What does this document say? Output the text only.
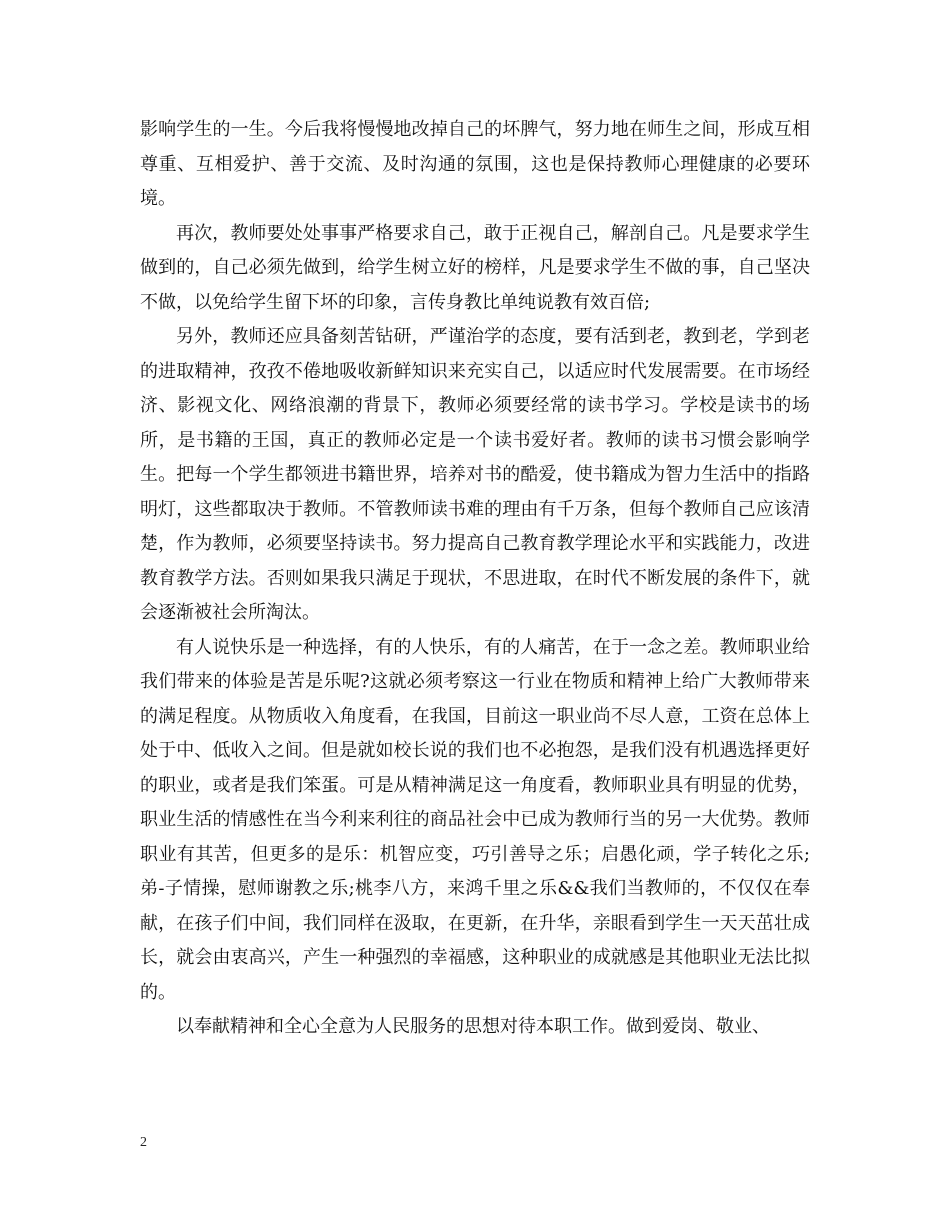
影响学生的一生。今后我将慢慢地改掉自己的坏脾气，努力地在师生之间，形成互相尊重、互相爱护、善于交流、及时沟通的氛围，这也是保持教师心理健康的必要环境。

再次，教师要处处事事严格要求自己，敢于正视自己，解剖自己。凡是要求学生做到的，自己必须先做到，给学生树立好的榜样，凡是要求学生不做的事，自己坚决不做，以免给学生留下坏的印象，言传身教比单纯说教有效百倍;

另外，教师还应具备刻苦钻研，严谨治学的态度，要有活到老，教到老，学到老的进取精神，孜孜不倦地吸收新鲜知识来充实自己，以适应时代发展需要。在市场经济、影视文化、网络浪潮的背景下，教师必须要经常的读书学习。学校是读书的场所，是书籍的王国，真正的教师必定是一个读书爱好者。教师的读书习惯会影响学生。把每一个学生都领进书籍世界，培养对书的酷爱，使书籍成为智力生活中的指路明灯，这些都取决于教师。不管教师读书难的理由有千万条，但每个教师自己应该清楚，作为教师，必须要坚持读书。努力提高自己教育教学理论水平和实践能力，改进教育教学方法。否则如果我只满足于现状，不思进取，在时代不断发展的条件下，就会逐渐被社会所淘汰。

有人说快乐是一种选择，有的人快乐，有的人痛苦，在于一念之差。教师职业给我们带来的体验是苦是乐呢?这就必须考察这一行业在物质和精神上给广大教师带来的满足程度。从物质收入角度看，在我国，目前这一职业尚不尽人意，工资在总体上处于中、低收入之间。但是就如校长说的我们也不必抱怨，是我们没有机遇选择更好的职业，或者是我们笨蛋。可是从精神满足这一角度看，教师职业具有明显的优势，职业生活的情感性在当今利来利往的商品社会中已成为教师行当的另一大优势。教师职业有其苦，但更多的是乐：机智应变，巧引善导之乐；启愚化顽，学子转化之乐;弟-子情操，慰师谢教之乐;桃李八方，来鸿千里之乐&&我们当教师的，不仅仅在奉献，在孩子们中间，我们同样在汲取，在更新，在升华，亲眼看到学生一天天茁壮成长，就会由衷高兴，产生一种强烈的幸福感，这种职业的成就感是其他职业无法比拟的。

以奉献精神和全心全意为人民服务的思想对待本职工作。做到爱岗、敬业、

2
